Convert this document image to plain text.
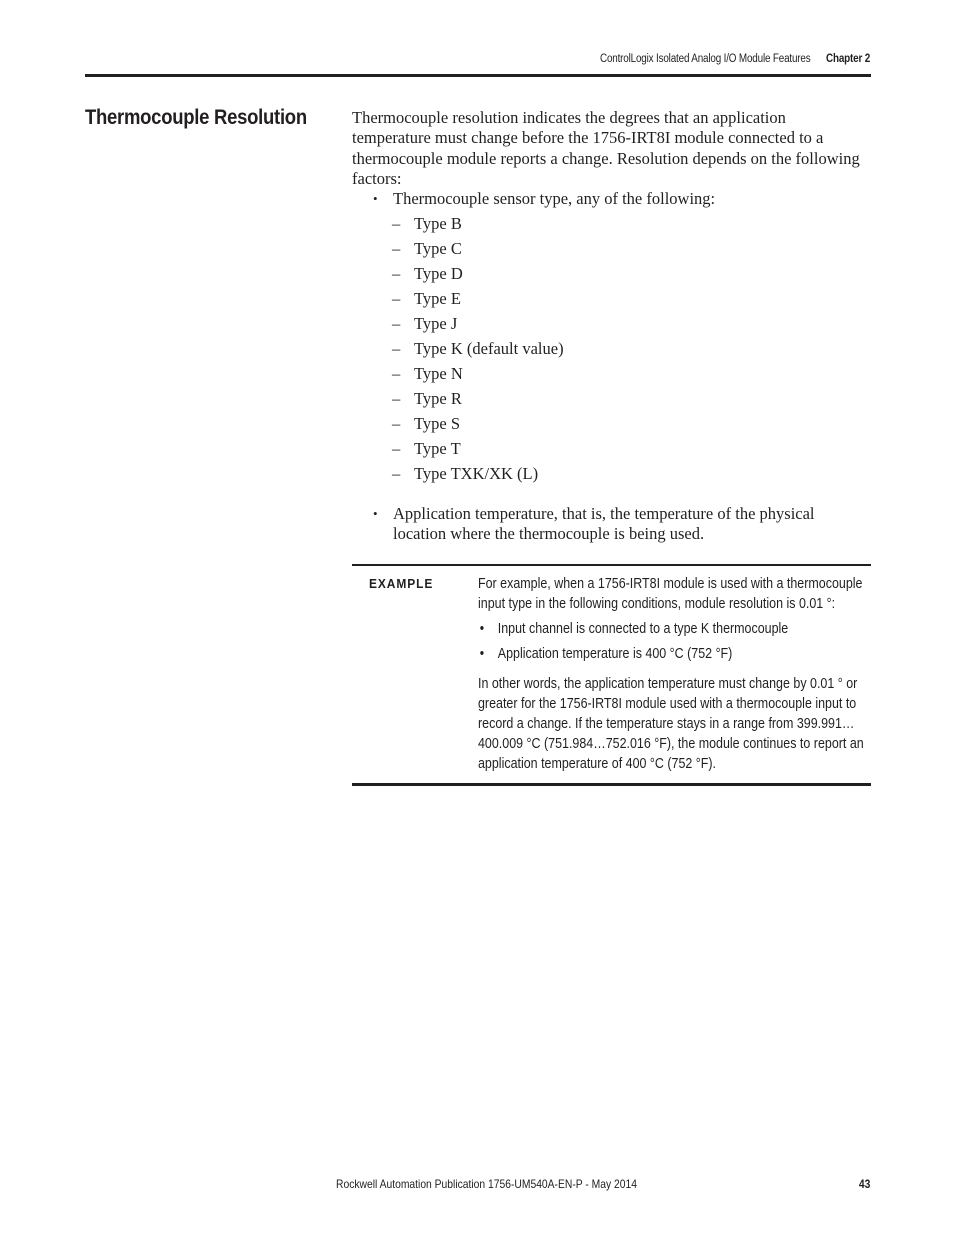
ControlLogix Isolated Analog I/O Module Features Chapter 2
Thermocouple Resolution	Thermocouple resolution indicates the degrees that an application temperature must change before the 1756-IRT8I module connected to a thermocouple module reports a change. Resolution depends on the following factors:
• Thermocouple sensor type, any of the following:
– Type B
– Type C
– Type D
– Type E
– Type J
– Type K (default value)
– Type N
– Type R
– Type S
– Type T
– Type TXK/XK (L)
• Application temperature, that is, the temperature of the physical location where the thermocouple is being used.
EXAMPLE	For example, when a 1756-IRT8I module is used with a thermocouple input type in the following conditions, module resolution is 0.01 °:

• Input channel is connected to a type K thermocouple
• Application temperature is 400 °C (752 °F)

In other words, the application temperature must change by 0.01 ° or greater for the 1756-IRT8I module used with a thermocouple input to record a change. If the temperature stays in a range from 399.991…400.009 °C (751.984…752.016 °F), the module continues to report an application temperature of 400 °C (752 °F).

Rockwell Automation Publication 1756-UM540A-EN-P - May 2014	43
